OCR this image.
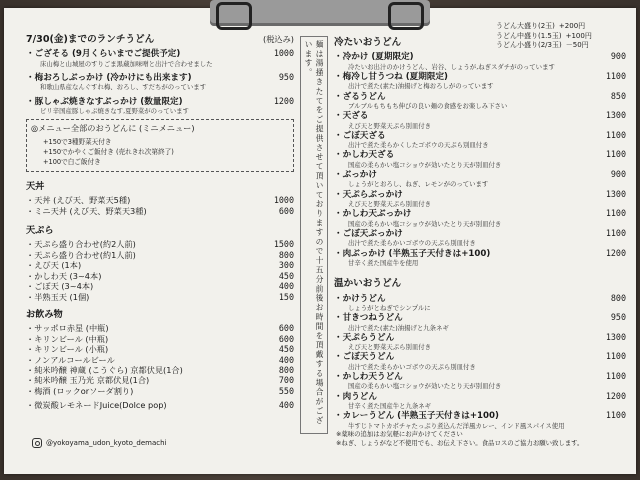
7/30(金)までのランチうどん	(税込み)
・ござそる (9月くらいまでご提供予定)	1000
床山梅と山城屋のすりごま黒蔵加味噌と出汁で合わせました
・梅おろしぶっかけ (冷かけにも出来ます)	950
和歌山県産なんぐすれ梅、おろし、すだちがのっています
・豚しゃぶ焼きなすぶっかけ (数量限定)	1200
ピリ辛国産豚しゃぶ焼きなす,夏野菜がのっています
◎メニュー全部のおうどんに (ミニメニュー)
+150で3種野菜天付き
+150でかやくご飯付き (売れきれ次第終了)
+100で白ご飯付き
天丼
・天丼 (えび天、野菜天5種)	1000
・ミニ天丼 (えび天、野菜天3種)	600
天ぷら
・天ぷら盛り合わせ(約2人前)	1500
・天ぷら盛り合わせ(約1人前)	800
・えび天 (1本)	300
・かしわ天 (3~4本)	450
・ごぼ天 (3~4本)	400
・半熟玉天 (1個)	150
お飲み物
・サッポロ赤星 (中瓶)	600
・キリンビール (中瓶)	600
・キリンビール (小瓶)	450
・ノンアルコールビール	400
・純米吟醸 神蔵 (こうぐら) 京都伏見(1合)	800
・純米吟醸 玉乃光 京都伏見(1合)	700
・梅酒 (ロックorソーダ割り)	550
・微炭酸レモネードJuice(Dolce pop)	400
@yokoyama_udon_kyoto_demachi
麺は湯掻きたてをご提供させて頂いておりますので十五分前後お時間を頂戴する場合がございます。
うどん大盛り(2玉) +200円
うどん中盛り(1.5玉) +100円
うどん小盛り(2/3玉) －50円
冷たいおうどん
・冷かけ (夏期限定)	900
冷たいお出汁のかけうどん、岩谷、しょうが,ねぎスダチがのっています
・梅冷し甘うつね (夏期限定)	1100
出汁で煮た(素た)油揚げと梅おろしがのっています
・ざるうどん	850
ブルブルもちもち伸びの良い麺の食感をお楽しみ下さい
・天ざる	1300
えび天と野菜天ぷら別皿付き
・ごぼ天ざる	1100
出汁で煮た柔らかくしたゴボウの天ぷら別皿付き
・かしわ天ざる	1100
国産の柔らかい塩コショウが効いたとり天が別皿付き
・ぶっかけ	900
しょうがとおろし、ねぎ、レモンがのっています
・天ぷらぶっかけ	1300
えび天と野菜天ぷら別皿付き
・かしわ天ぶっかけ	1100
国産の柔らかい塩コショウが効いたとり天が別皿付き
・ごぼ天ぶっかけ	1100
出汁で煮た柔らかいゴボウの天ぷら別皿付き
・肉ぶっかけ (半熟玉子天付きは+100)	1200
甘辛く煮た国産牛を使用
温かいおうどん
・かけうどん	800
しょうがとねぎでシンプルに
・甘きつねうどん	950
出汁で煮た(素た)油揚げと九条ネギ
・天ぷらうどん	1300
えび天と野菜天ぷら別皿付き
・ごぼ天うどん	1100
出汁で煮た柔らかいゴボウの天ぷら別皿付き
・かしわ天うどん	1100
国産の柔らかい塩コショウが効いたとり天が別皿付き
・肉うどん	1200
甘辛く煮た国産牛と九条ネギ
・カレーうどん (半熟玉子天付きは+100)	1100
牛すじトマトカボチャたっぷり煮込んだ洋風カレー、インド風スパイス使用
※薬味の追加はお気軽にお声かけてください
※ねぎ、しょうがなど不使用でも、お伝え下さい。食品ロスのご協力お願い致します。
